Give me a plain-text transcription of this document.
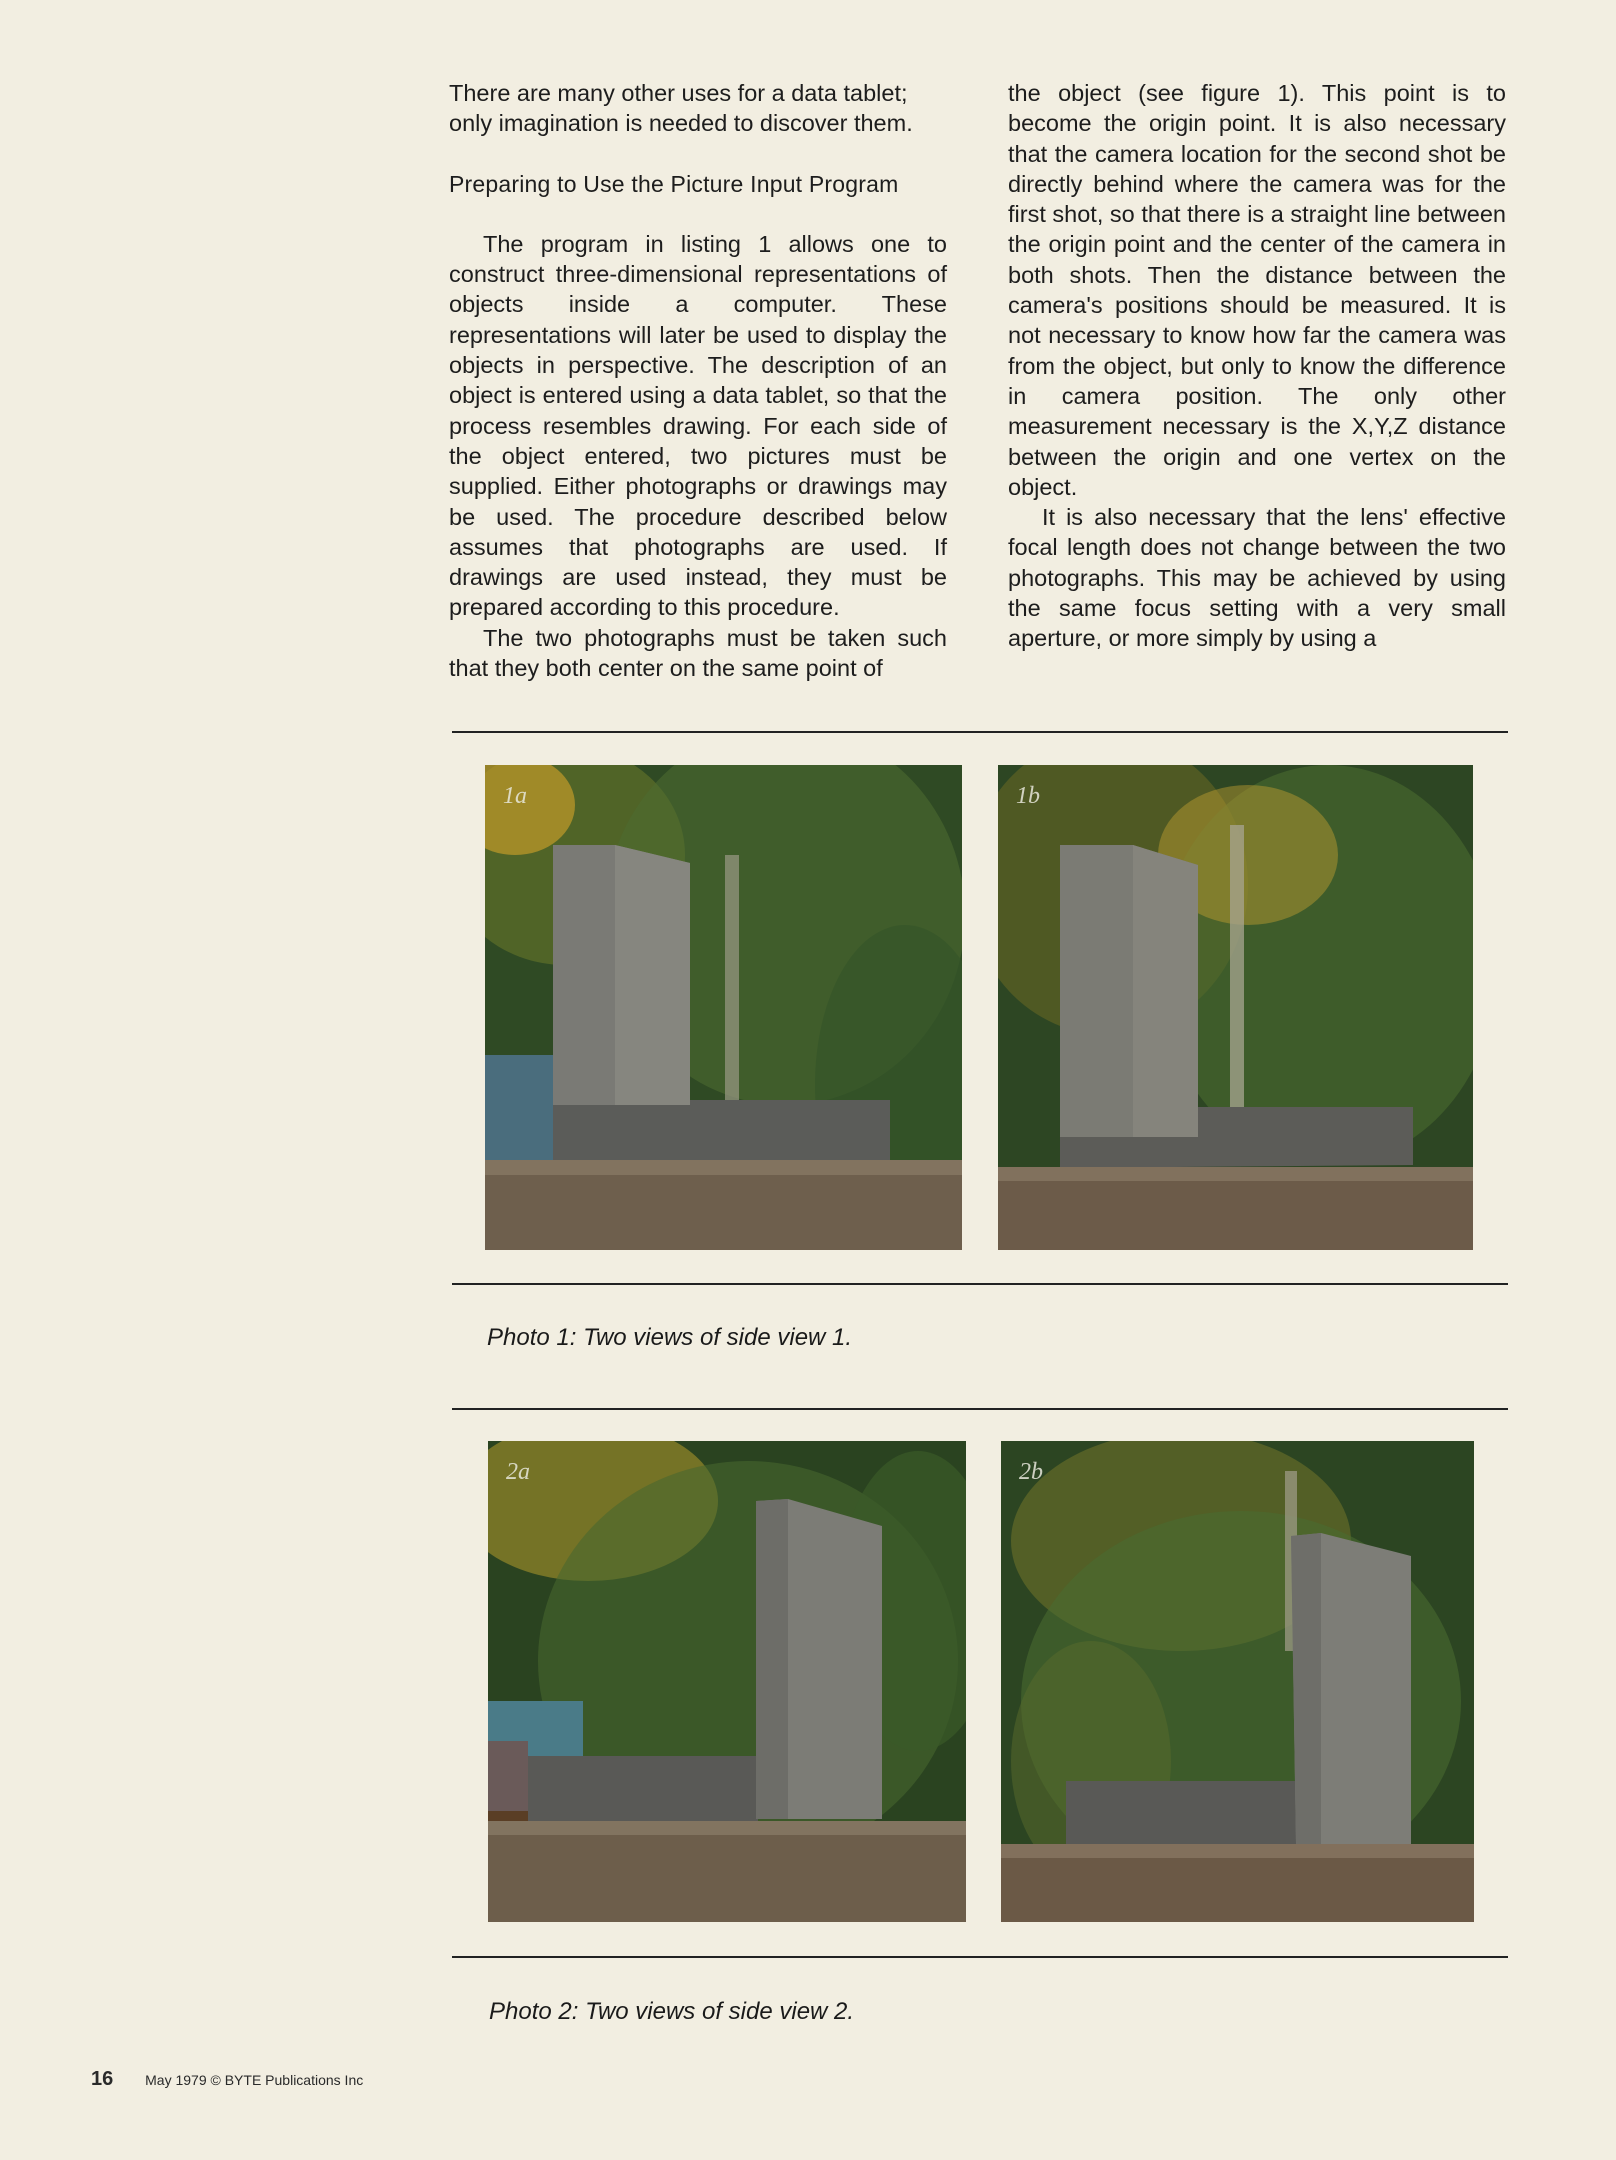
There are many other uses for a data tablet; only imagination is needed to discover them.

Preparing to Use the Picture Input Program

The program in listing 1 allows one to construct three-dimensional representations of objects inside a computer. These representations will later be used to display the objects in perspective. The description of an object is entered using a data tablet, so that the process resembles drawing. For each side of the object entered, two pictures must be supplied. Either photographs or drawings may be used. The procedure described below assumes that photographs are used. If drawings are used instead, they must be prepared according to this procedure.

The two photographs must be taken such that they both center on the same point of

the object (see figure 1). This point is to become the origin point. It is also necessary that the camera location for the second shot be directly behind where the camera was for the first shot, so that there is a straight line between the origin point and the center of the camera in both shots. Then the distance between the camera's positions should be measured. It is not necessary to know how far the camera was from the object, but only to know the difference in camera position. The only other measurement necessary is the X,Y,Z distance between the origin and one vertex on the object.

It is also necessary that the lens' effective focal length does not change between the two photographs. This may be achieved by using the same focus setting with a very small aperture, or more simply by using a

1a	1b
Photo 1: Two views of side view 1.
2a	2b
Photo 2: Two views of side view 2.
16 May 1979 © BYTE Publications Inc
